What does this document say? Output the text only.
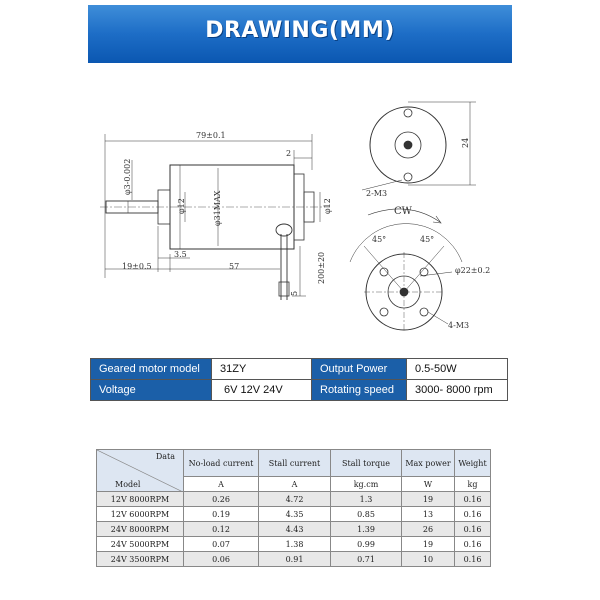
DRAWING(MM)
79±0.1
2
φ3-0.002
φ12	φ31MAX	φ12
3.5
19±0.5	57	200±20
5
24
2-M3
CW
45°	45°
φ22±0.2
4-M3
Geared motor model	31ZY	Output Power	0.5-50W
Voltage	6V 12V 24V	Rotating speed	3000- 8000 rpm
Data
Model	No-load current	Stall current	Stall torque	Max power	Weight
	A	A	kg.cm	W	kg
12V 8000RPM	0.26	4.72	1.3	19	0.16
12V 6000RPM	0.19	4.35	0.85	13	0.16
24V 8000RPM	0.12	4.43	1.39	26	0.16
24V 5000RPM	0.07	1.38	0.99	19	0.16
24V 3500RPM	0.06	0.91	0.71	10	0.16
